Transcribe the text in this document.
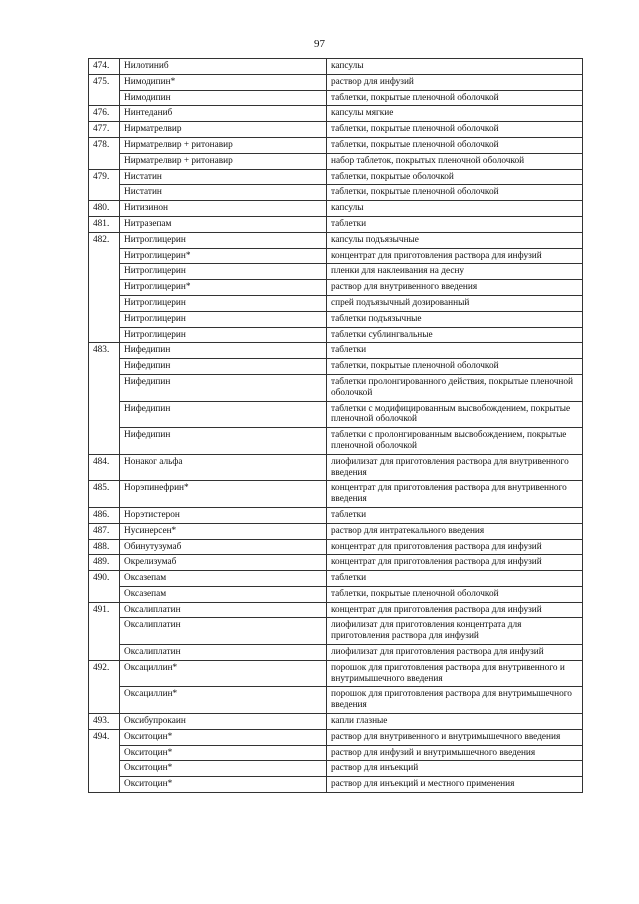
97
474.	Нилотиниб	капсулы
475.	Нимодипин*	раствор для инфузий
	Нимодипин	таблетки, покрытые пленочной оболочкой
476.	Нинтеданиб	капсулы мягкие
477.	Нирматрелвир	таблетки, покрытые пленочной оболочкой
478.	Нирматрелвир + ритонавир	таблетки, покрытые пленочной оболочкой
	Нирматрелвир + ритонавир	набор таблеток, покрытых пленочной оболочкой
479.	Нистатин	таблетки, покрытые оболочкой
	Нистатин	таблетки, покрытые пленочной оболочкой
480.	Нитизинон	капсулы
481.	Нитразепам	таблетки
482.	Нитроглицерин	капсулы подъязычные
	Нитроглицерин*	концентрат для приготовления раствора для инфузий
	Нитроглицерин	пленки для наклеивания на десну
	Нитроглицерин*	раствор для внутривенного введения
	Нитроглицерин	спрей подъязычный дозированный
	Нитроглицерин	таблетки подъязычные
	Нитроглицерин	таблетки сублингвальные
483.	Нифедипин	таблетки
	Нифедипин	таблетки, покрытые пленочной оболочкой
	Нифедипин	таблетки пролонгированного действия, покрытые пленочной оболочкой
	Нифедипин	таблетки с модифицированным высвобождением, покрытые пленочной оболочкой
	Нифедипин	таблетки с пролонгированным высвобождением, покрытые пленочной оболочкой
484.	Нонаког альфа	лиофилизат для приготовления раствора для внутривенного введения
485.	Норэпинефрин*	концентрат для приготовления раствора для внутривенного введения
486.	Норэтистерон	таблетки
487.	Нусинерсен*	раствор для интратекального введения
488.	Обинутузумаб	концентрат для приготовления раствора для инфузий
489.	Окрелизумаб	концентрат для приготовления раствора для инфузий
490.	Оксазепам	таблетки
	Оксазепам	таблетки, покрытые пленочной оболочкой
491.	Оксалиплатин	концентрат для приготовления раствора для инфузий
	Оксалиплатин	лиофилизат для приготовления концентрата для приготовления раствора для инфузий
	Оксалиплатин	лиофилизат для приготовления раствора для инфузий
492.	Оксациллин*	порошок для приготовления раствора для внутривенного и внутримышечного введения
	Оксациллин*	порошок для приготовления раствора для внутримышечного введения
493.	Оксибупрокаин	капли глазные
494.	Окситоцин*	раствор для внутривенного и внутримышечного введения
	Окситоцин*	раствор для инфузий и внутримышечного введения
	Окситоцин*	раствор для инъекций
	Окситоцин*	раствор для инъекций и местного применения
